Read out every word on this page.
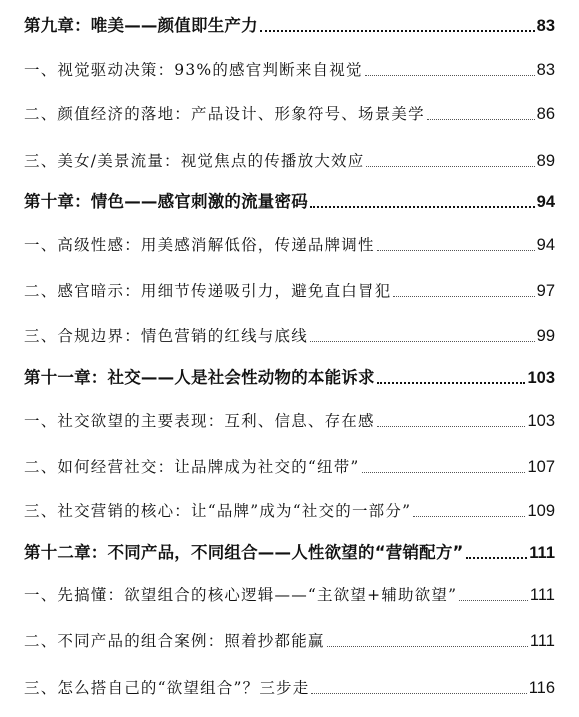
第九章：唯美——颜值即生产力	83
一、视觉驱动决策：93%的感官判断来自视觉	83
二、颜值经济的落地：产品设计、形象符号、场景美学	86
三、美女/美景流量：视觉焦点的传播放大效应	89
第十章：情色——感官刺激的流量密码	94
一、高级性感：用美感消解低俗，传递品牌调性	94
二、感官暗示：用细节传递吸引力，避免直白冒犯	97
三、合规边界：情色营销的红线与底线	99
第十一章：社交——人是社会性动物的本能诉求	103
一、社交欲望的主要表现：互利、信息、存在感	103
二、如何经营社交：让品牌成为社交的“纽带”	107
三、社交营销的核心：让“品牌”成为“社交的一部分”	109
第十二章：不同产品，不同组合——人性欲望的“营销配方”	111
一、先搞懂：欲望组合的核心逻辑——“主欲望+辅助欲望”	111
二、不同产品的组合案例：照着抄都能赢	111
三、怎么搭自己的“欲望组合”？三步走	116
